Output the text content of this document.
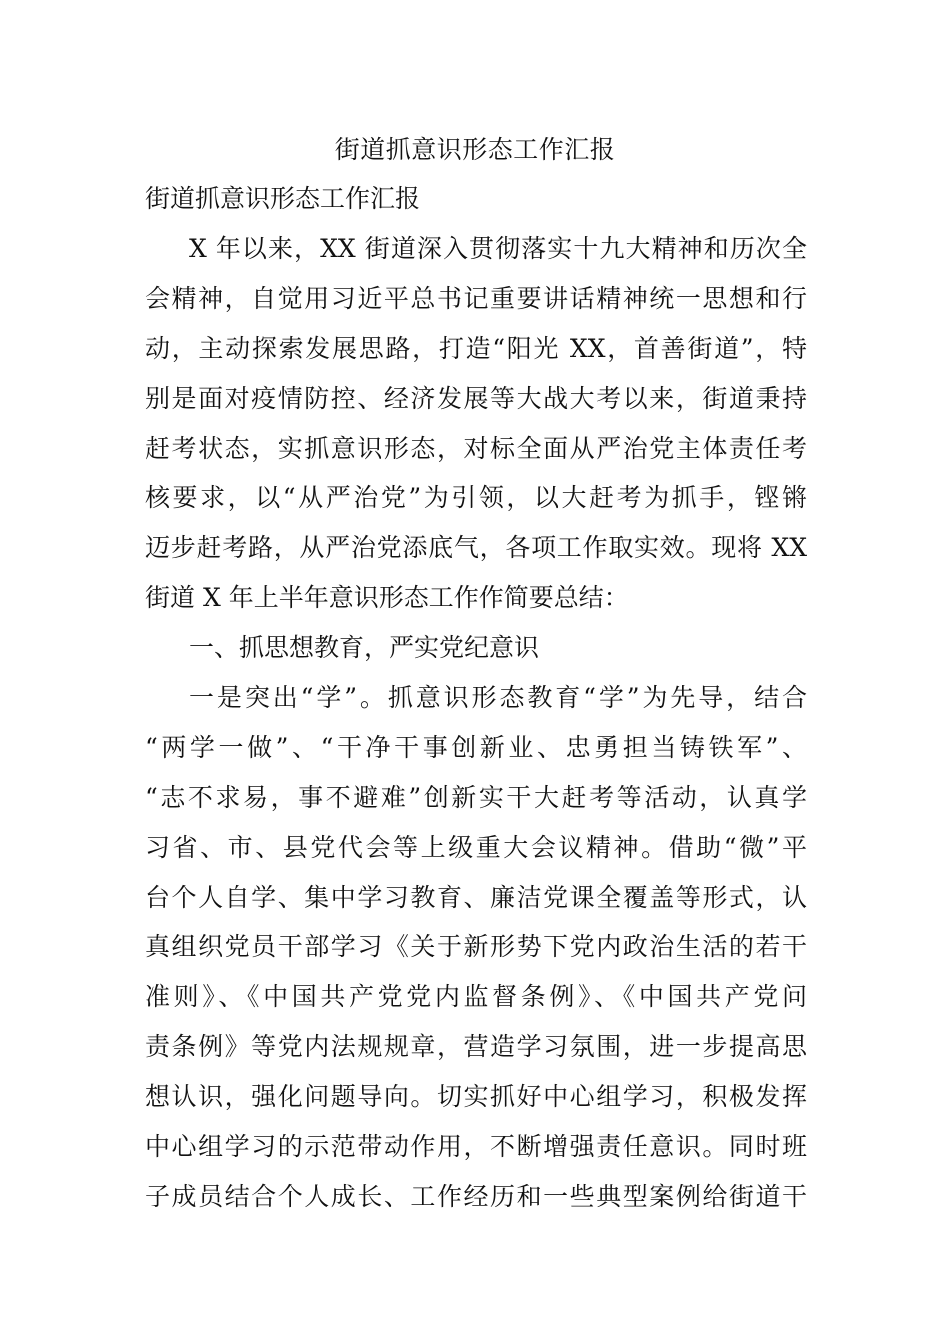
街道抓意识形态工作汇报

街道抓意识形态工作汇报

X 年以来，XX 街道深入贯彻落实十九大精神和历次全
会精神，自觉用习近平总书记重要讲话精神统一思想和行
动，主动探索发展思路，打造“阳光 XX，首善街道”，特
别是面对疫情防控、经济发展等大战大考以来，街道秉持
赶考状态，实抓意识形态，对标全面从严治党主体责任考
核要求，以“从严治党”为引领，以大赶考为抓手，铿锵
迈步赶考路，从严治党添底气，各项工作取实效。现将 XX
街道 X 年上半年意识形态工作作简要总结：
一、抓思想教育，严实党纪意识
一是突出“学”。抓意识形态教育“学”为先导，结合
“两学一做”、“干净干事创新业、忠勇担当铸铁军”、
“志不求易，事不避难”创新实干大赶考等活动，认真学
习省、市、县党代会等上级重大会议精神。借助“微”平
台个人自学、集中学习教育、廉洁党课全覆盖等形式，认
真组织党员干部学习《关于新形势下党内政治生活的若干
准则》、《中国共产党党内监督条例》、《中国共产党问
责条例》等党内法规规章，营造学习氛围，进一步提高思
想认识，强化问题导向。切实抓好中心组学习，积极发挥
中心组学习的示范带动作用，不断增强责任意识。同时班
子成员结合个人成长、工作经历和一些典型案例给街道干
